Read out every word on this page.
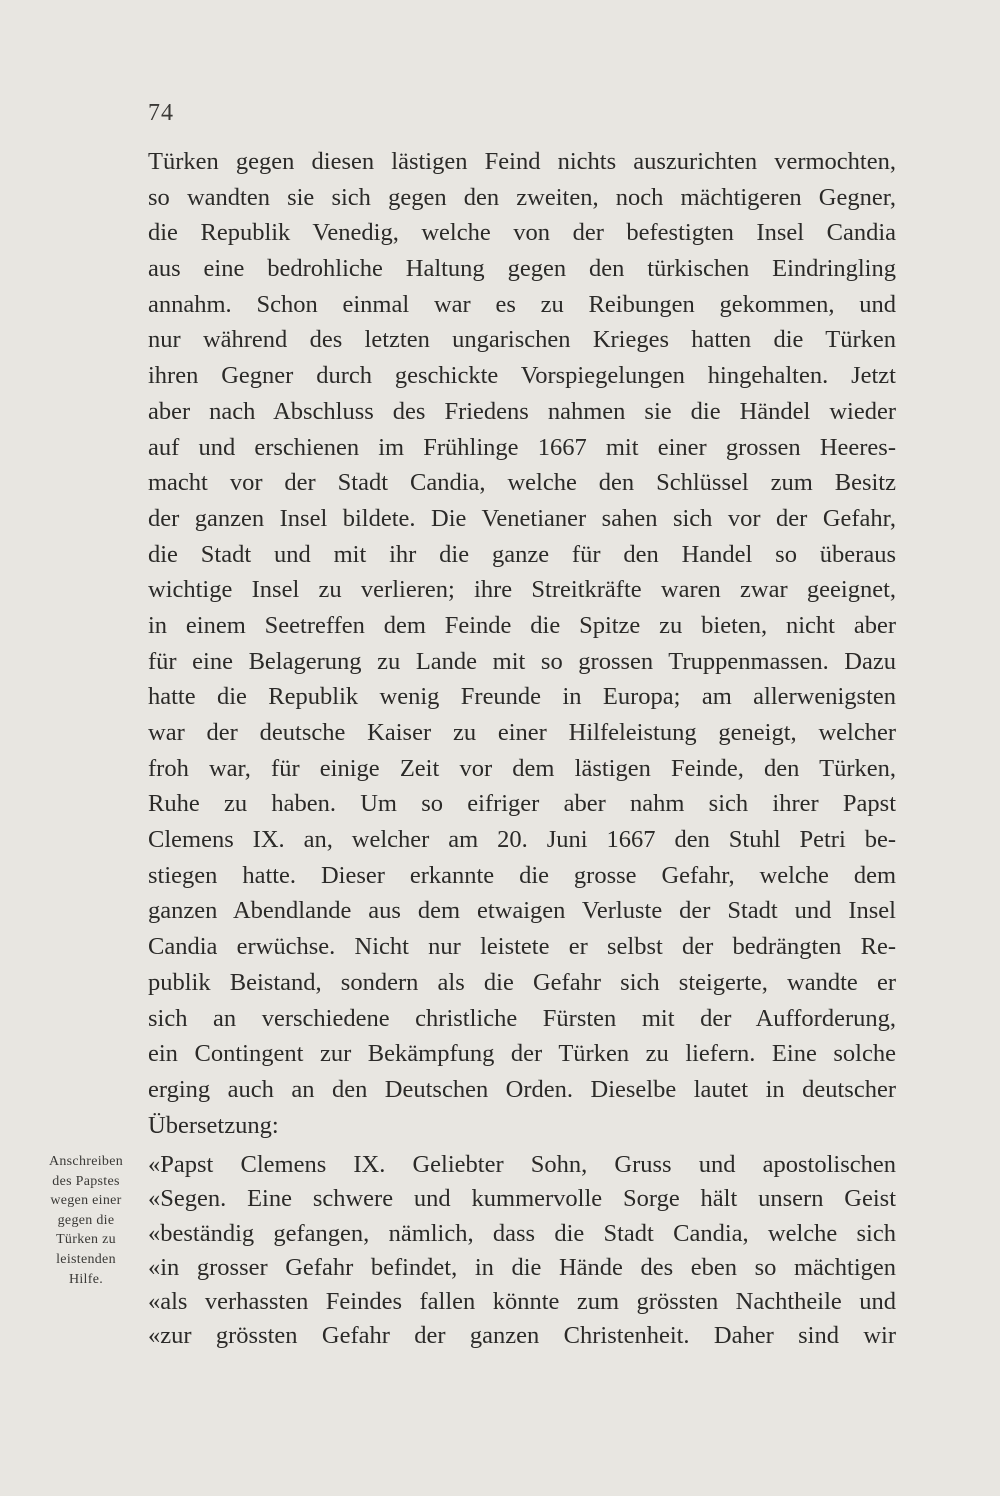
74
Türken gegen diesen lästigen Feind nichts auszurichten vermochten,
so wandten sie sich gegen den zweiten, noch mächtigeren Gegner,
die Republik Venedig, welche von der befestigten Insel Candia
aus eine bedrohliche Haltung gegen den türkischen Eindringling
annahm. Schon einmal war es zu Reibungen gekommen, und
nur während des letzten ungarischen Krieges hatten die Türken
ihren Gegner durch geschickte Vorspiegelungen hingehalten. Jetzt
aber nach Abschluss des Friedens nahmen sie die Händel wieder
auf und erschienen im Frühlinge 1667 mit einer grossen Heeres-
macht vor der Stadt Candia, welche den Schlüssel zum Besitz
der ganzen Insel bildete. Die Venetianer sahen sich vor der Gefahr,
die Stadt und mit ihr die ganze für den Handel so überaus
wichtige Insel zu verlieren; ihre Streitkräfte waren zwar geeignet,
in einem Seetreffen dem Feinde die Spitze zu bieten, nicht aber
für eine Belagerung zu Lande mit so grossen Truppenmassen. Dazu
hatte die Republik wenig Freunde in Europa; am allerwenigsten
war der deutsche Kaiser zu einer Hilfeleistung geneigt, welcher
froh war, für einige Zeit vor dem lästigen Feinde, den Türken,
Ruhe zu haben. Um so eifriger aber nahm sich ihrer Papst
Clemens IX. an, welcher am 20. Juni 1667 den Stuhl Petri be-
stiegen hatte. Dieser erkannte die grosse Gefahr, welche dem
ganzen Abendlande aus dem etwaigen Verluste der Stadt und Insel
Candia erwüchse. Nicht nur leistete er selbst der bedrängten Re-
publik Beistand, sondern als die Gefahr sich steigerte, wandte er
sich an verschiedene christliche Fürsten mit der Aufforderung,
ein Contingent zur Bekämpfung der Türken zu liefern. Eine solche
erging auch an den Deutschen Orden. Dieselbe lautet in deutscher
Übersetzung:
Anschreiben
des Papstes
wegen einer
gegen die
Türken zu
leistenden
Hilfe.
«Papst Clemens IX. Geliebter Sohn, Gruss und apostolischen
«Segen. Eine schwere und kummervolle Sorge hält unsern Geist
«beständig gefangen, nämlich, dass die Stadt Candia, welche sich
«in grosser Gefahr befindet, in die Hände des eben so mächtigen
«als verhassten Feindes fallen könnte zum grössten Nachtheile und
«zur grössten Gefahr der ganzen Christenheit. Daher sind wir
